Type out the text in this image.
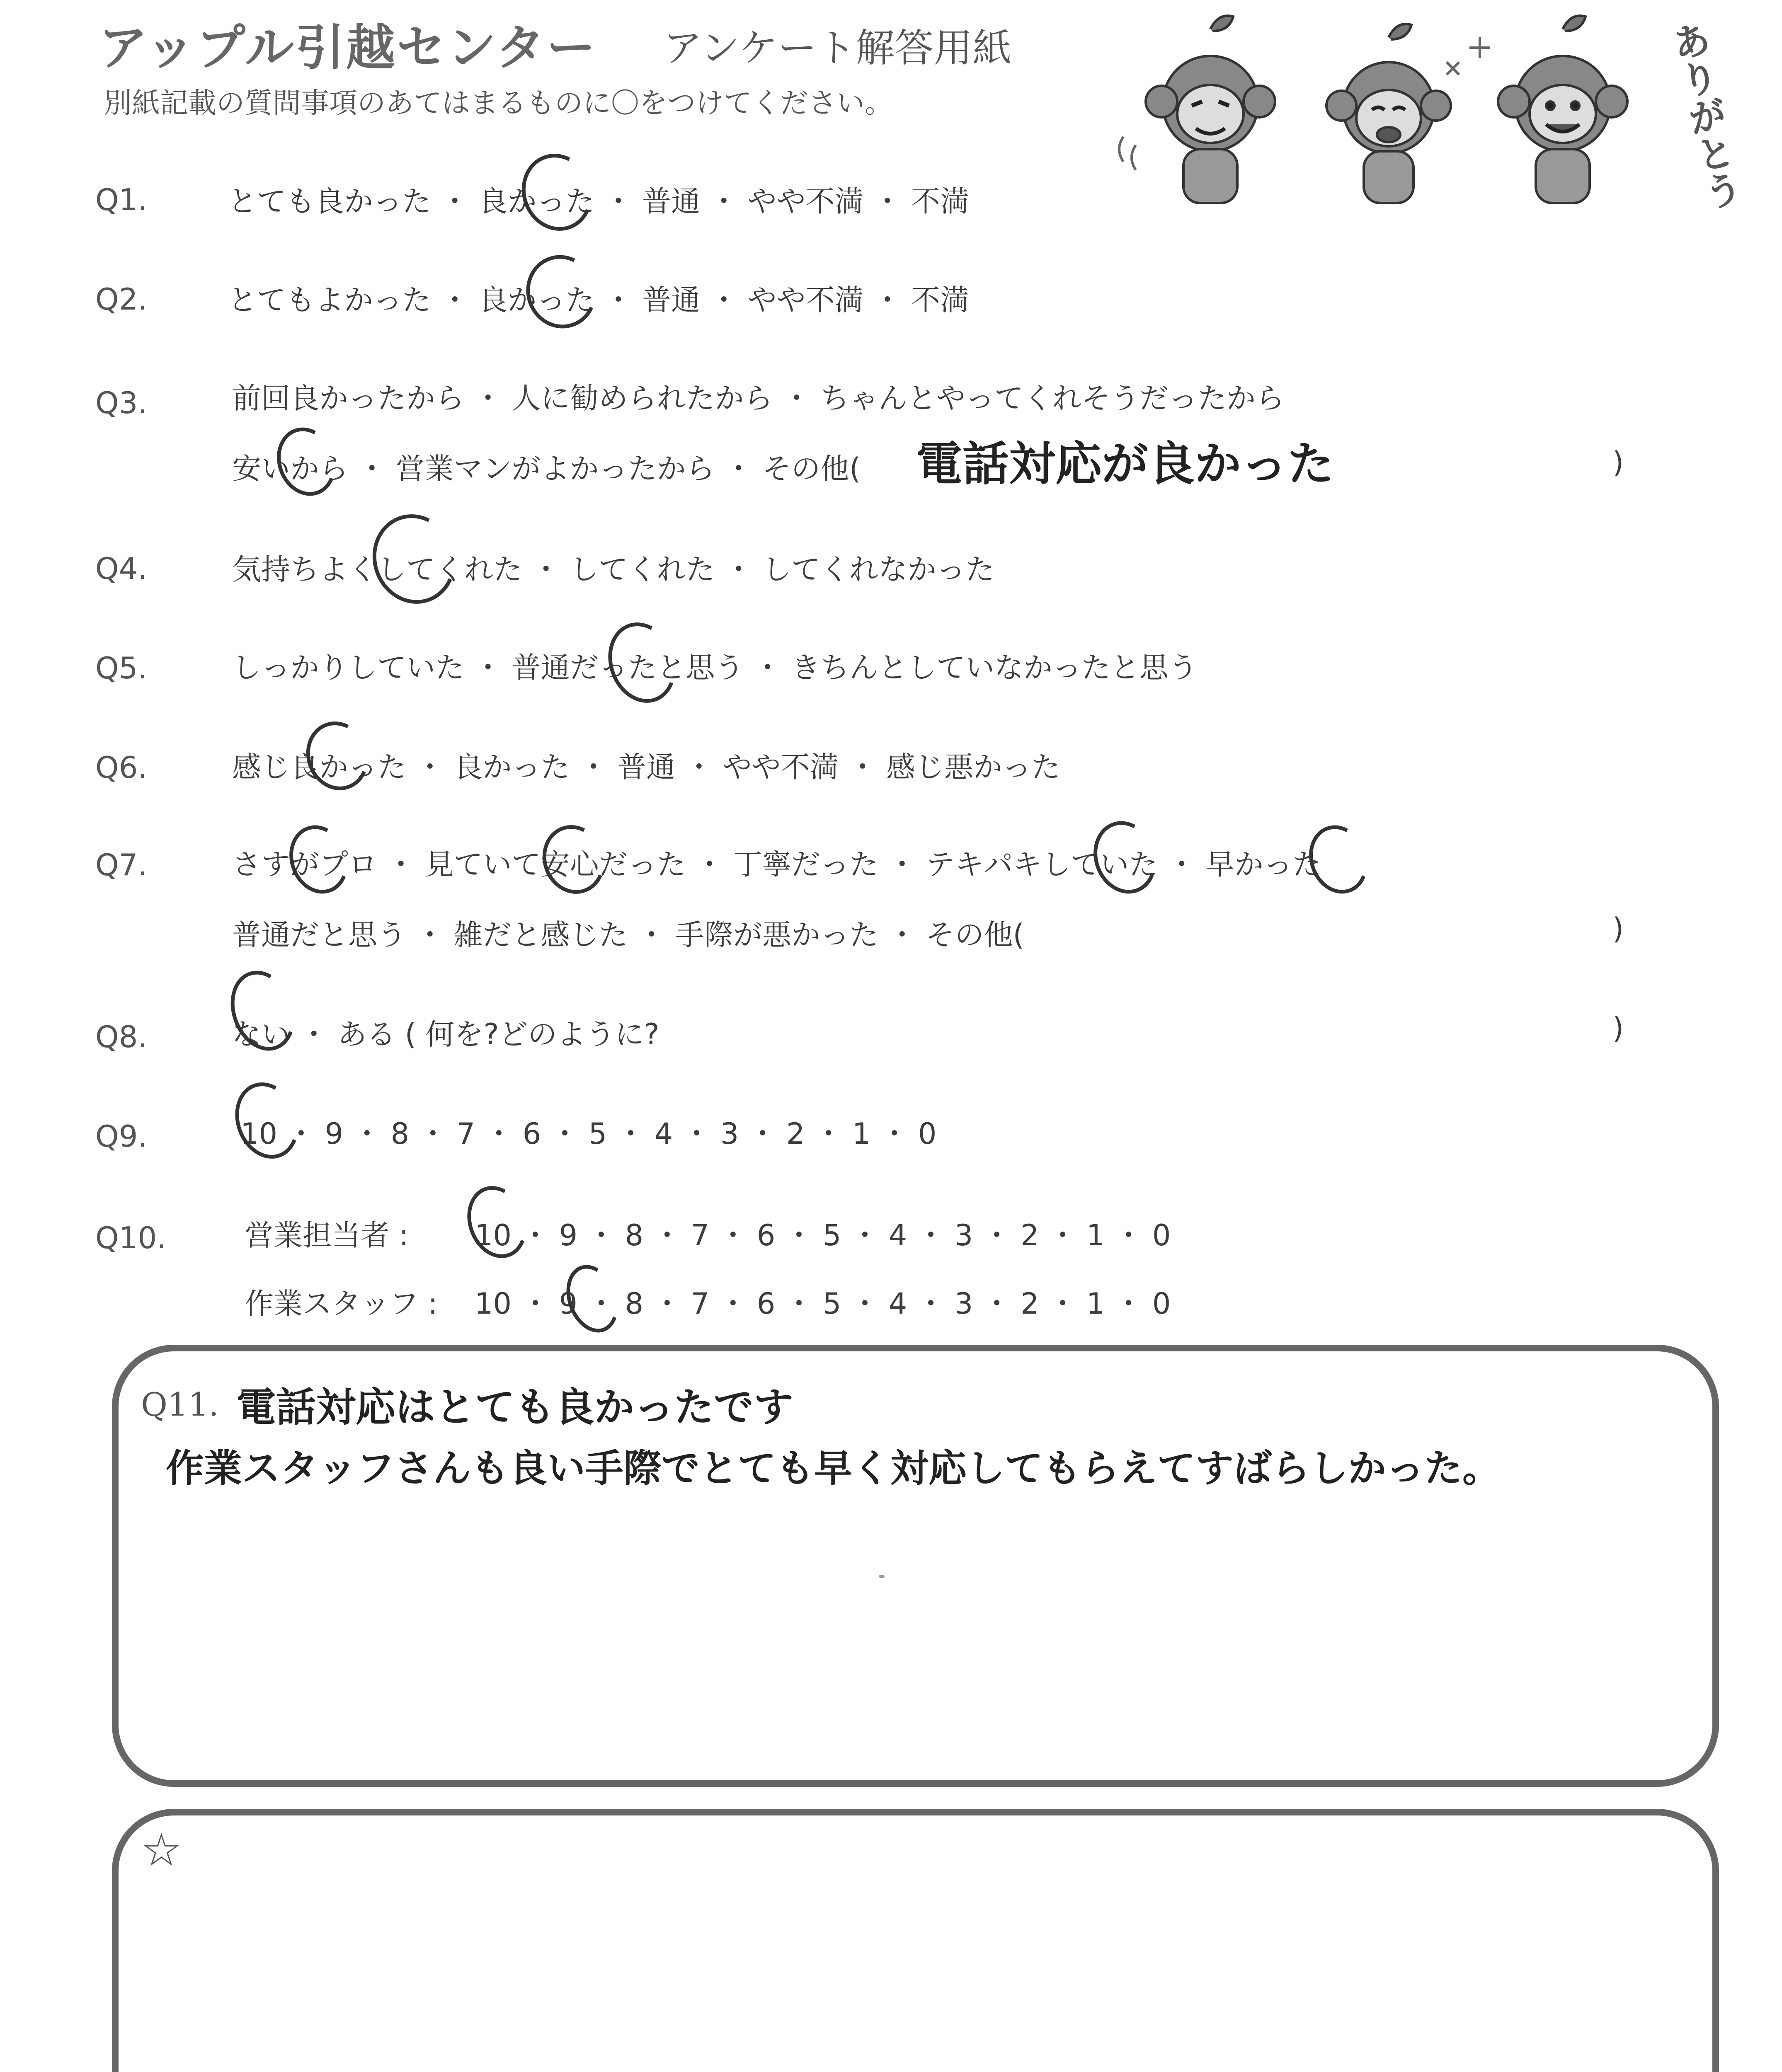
アップル引越センター アンケート解答用紙
別紙記載の質問事項のあてはまるものに〇をつけてください。	ありがとう
Q1.	とても良かった ・ 良かった ・ 普通 ・ やや不満 ・ 不満
Q2.	とてもよかった ・ 良かった ・ 普通 ・ やや不満 ・ 不満
Q3.	前回良かったから ・ 人に勧められたから ・ ちゃんとやってくれそうだったから
安いから ・ 営業マンがよかったから ・ その他( 電話対応が良かった	)
Q4.	気持ちよくしてくれた ・ してくれた ・ してくれなかった
Q5.	しっかりしていた ・ 普通だったと思う ・ きちんとしていなかったと思う
Q6.	感じ良かった ・ 良かった ・ 普通 ・ やや不満 ・ 感じ悪かった
Q7.	さすがプロ ・ 見ていて安心だった ・ 丁寧だった ・ テキパキしていた ・ 早かった
普通だと思う ・ 雑だと感じた ・ 手際が悪かった ・ その他(	)
Q8.	ない ・ ある ( 何を?どのように?	)
Q9.	10 ・ 9 ・ 8 ・ 7 ・ 6 ・ 5 ・ 4 ・ 3 ・ 2 ・ 1 ・ 0
Q10.	営業担当者 : 10 ・ 9 ・ 8 ・ 7 ・ 6 ・ 5 ・ 4 ・ 3 ・ 2 ・ 1 ・ 0
作業スタッフ : 10 ・ 9 ・ 8 ・ 7 ・ 6 ・ 5 ・ 4 ・ 3 ・ 2 ・ 1 ・ 0
Q11. 電話対応はとても良かったです
作業スタッフさんも良い手際でとても早く対応してもらえてすばらしかった。
☆
